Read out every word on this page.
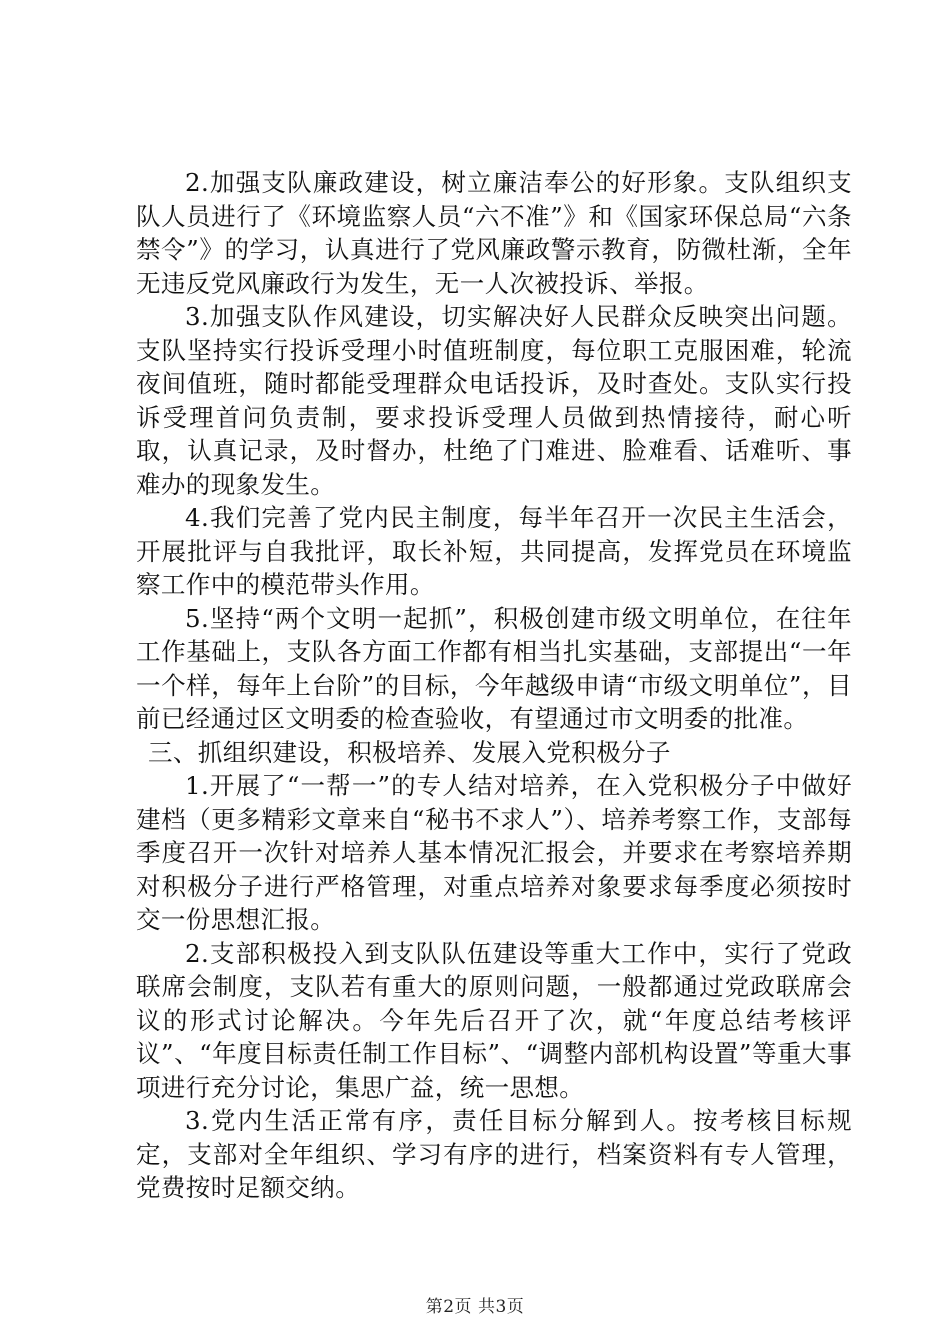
2.加强支队廉政建设，树立廉洁奉公的好形象。支队组织支队人员进行了《环境监察人员“六不准”》和《国家环保总局“六条禁令”》的学习，认真进行了党风廉政警示教育，防微杜渐，全年无违反党风廉政行为发生，无一人次被投诉、举报。

3.加强支队作风建设，切实解决好人民群众反映突出问题。支队坚持实行投诉受理小时值班制度，每位职工克服困难，轮流夜间值班，随时都能受理群众电话投诉，及时查处。支队实行投诉受理首问负责制，要求投诉受理人员做到热情接待，耐心听取，认真记录，及时督办，杜绝了门难进、脸难看、话难听、事难办的现象发生。

4.我们完善了党内民主制度，每半年召开一次民主生活会，开展批评与自我批评，取长补短，共同提高，发挥党员在环境监察工作中的模范带头作用。

5.坚持“两个文明一起抓”，积极创建市级文明单位，在往年工作基础上，支队各方面工作都有相当扎实基础，支部提出“一年一个样，每年上台阶”的目标，今年越级申请“市级文明单位”，目前已经通过区文明委的检查验收，有望通过市文明委的批准。

三、抓组织建设，积极培养、发展入党积极分子

1.开展了“一帮一”的专人结对培养，在入党积极分子中做好建档（更多精彩文章来自“秘书不求人”）、培养考察工作，支部每季度召开一次针对培养人基本情况汇报会，并要求在考察培养期对积极分子进行严格管理，对重点培养对象要求每季度必须按时交一份思想汇报。

2.支部积极投入到支队队伍建设等重大工作中，实行了党政联席会制度，支队若有重大的原则问题，一般都通过党政联席会议的形式讨论解决。今年先后召开了次，就“年度总结考核评议”、“年度目标责任制工作目标”、“调整内部机构设置”等重大事项进行充分讨论，集思广益，统一思想。

3.党内生活正常有序，责任目标分解到人。按考核目标规定，支部对全年组织、学习有序的进行，档案资料有专人管理，党费按时足额交纳。

第2页 共3页
